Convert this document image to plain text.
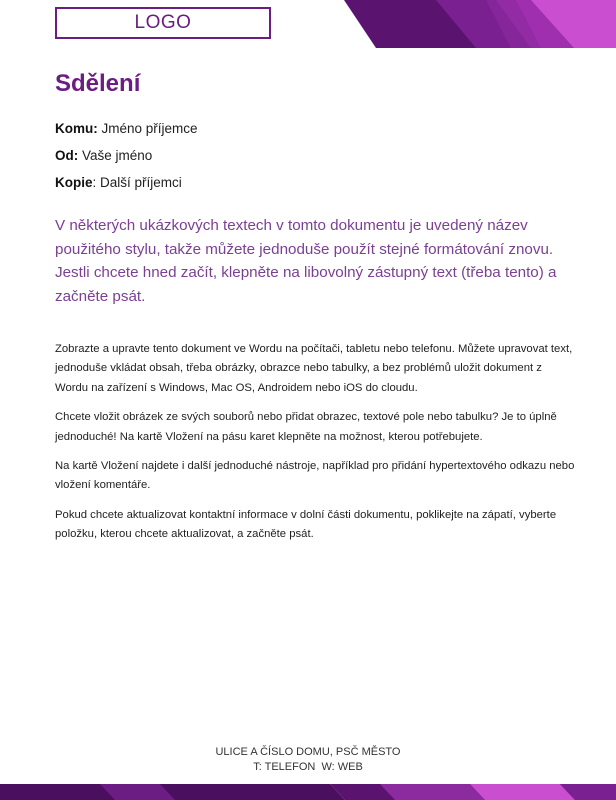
LOGO
Sdělení
Komu: Jméno příjemce
Od: Vaše jméno
Kopie: Další příjemci

V některých ukázkových textech v tomto dokumentu je uvedený název použitého stylu, takže můžete jednoduše použít stejné formátování znovu. Jestli chcete hned začít, klepněte na libovolný zástupný text (třeba tento) a začněte psát.

Zobrazte a upravte tento dokument ve Wordu na počítači, tabletu nebo telefonu. Můžete upravovat text, jednoduše vkládat obsah, třeba obrázky, obrazce nebo tabulky, a bez problémů uložit dokument z Wordu na zařízení s Windows, Mac OS, Androidem nebo iOS do cloudu.

Chcete vložit obrázek ze svých souborů nebo přidat obrazec, textové pole nebo tabulku? Je to úplně jednoduché! Na kartě Vložení na pásu karet klepněte na možnost, kterou potřebujete.

Na kartě Vložení najdete i další jednoduché nástroje, například pro přidání hypertextového odkazu nebo vložení komentáře.

Pokud chcete aktualizovat kontaktní informace v dolní části dokumentu, poklikejte na zápatí, vyberte položku, kterou chcete aktualizovat, a začněte psát.

ULICE A ČÍSLO DOMU, PSČ MĚSTO
T: TELEFON  W: WEB
